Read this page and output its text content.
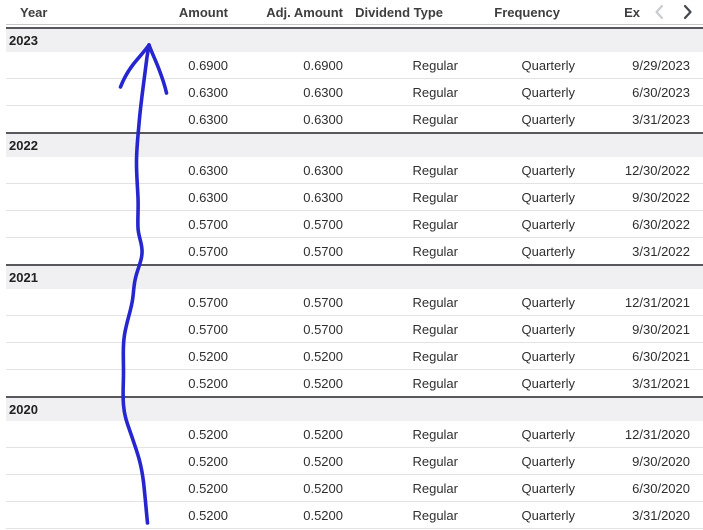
Year	Amount	Adj. Amount	Dividend Type	Frequency	Ex

2023					
	0.6900	0.6900	Regular	Quarterly	9/29/2023
	0.6300	0.6300	Regular	Quarterly	6/30/2023
	0.6300	0.6300	Regular	Quarterly	3/31/2023
2022					
	0.6300	0.6300	Regular	Quarterly	12/30/2022
	0.6300	0.6300	Regular	Quarterly	9/30/2022
	0.5700	0.5700	Regular	Quarterly	6/30/2022
	0.5700	0.5700	Regular	Quarterly	3/31/2022
2021					
	0.5700	0.5700	Regular	Quarterly	12/31/2021
	0.5700	0.5700	Regular	Quarterly	9/30/2021
	0.5200	0.5200	Regular	Quarterly	6/30/2021
	0.5200	0.5200	Regular	Quarterly	3/31/2021
2020					
	0.5200	0.5200	Regular	Quarterly	12/31/2020
	0.5200	0.5200	Regular	Quarterly	9/30/2020
	0.5200	0.5200	Regular	Quarterly	6/30/2020
	0.5200	0.5200	Regular	Quarterly	3/31/2020
